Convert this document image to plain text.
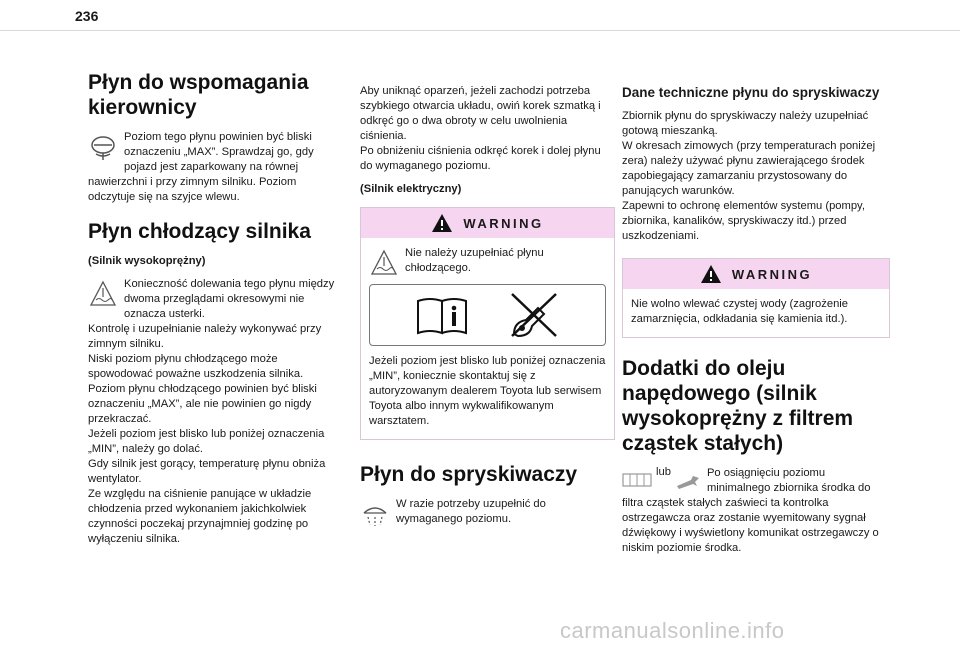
236
Płyn do wspomagania kierownicy

Poziom tego płynu powinien być bliski oznaczeniu „MAX”. Sprawdzaj go, gdy pojazd jest zaparkowany na równej nawierzchni i przy zimnym silniku. Poziom odczytuje się na szyjce wlewu.

Płyn chłodzący silnika
(Silnik wysokoprężny)

Konieczność dolewania tego płynu między dwoma przeglądami okresowymi nie oznacza usterki.
Kontrolę i uzupełnianie należy wykonywać przy zimnym silniku.
Niski poziom płynu chłodzącego może spowodować poważne uszkodzenia silnika.
Poziom płynu chłodzącego powinien być bliski oznaczeniu „MAX”, ale nie powinien go nigdy przekraczać.
Jeżeli poziom jest blisko lub poniżej oznaczenia „MIN”, należy go dolać.
Gdy silnik jest gorący, temperaturę płynu obniża wentylator.
Ze względu na ciśnienie panujące w układzie chłodzenia przed wykonaniem jakichkolwiek czynności poczekaj przynajmniej godzinę po wyłączeniu silnika.

Aby uniknąć oparzeń, jeżeli zachodzi potrzeba szybkiego otwarcia układu, owiń korek szmatką i odkręć go o dwa obroty w celu uwolnienia ciśnienia.
Po obniżeniu ciśnienia odkręć korek i dolej płynu do wymaganego poziomu.

(Silnik elektryczny)
WARNING

Nie należy uzupełniać płynu chłodzącego.

Jeżeli poziom jest blisko lub poniżej oznaczenia „MIN”, koniecznie skontaktuj się z autoryzowanym dealerem Toyota lub serwisem Toyota albo innym wykwalifikowanym warsztatem.

Płyn do spryskiwaczy

W razie potrzeby uzupełnić do wymaganego poziomu.

Dane techniczne płynu do spryskiwaczy

Zbiornik płynu do spryskiwaczy należy uzupełniać gotową mieszanką.
W okresach zimowych (przy temperaturach poniżej zera) należy używać płynu zawierającego środek zapobiegający zamarzaniu przystosowany do panujących warunków.
Zapewni to ochronę elementów systemu (pompy, zbiornika, kanalików, spryskiwaczy itd.) przed uszkodzeniami.

WARNING

Nie wolno wlewać czystej wody (zagrożenie zamarznięcia, odkładania się kamienia itd.).

Dodatki do oleju napędowego (silnik wysokoprężny z filtrem cząstek stałych)
lub	Po osiągnięciu poziomu minimalnego zbiornika środka do filtra cząstek stałych zaświeci ta kontrolka ostrzegawcza oraz zostanie wyemitowany sygnał dźwiękowy i wyświetlony komunikat ostrzegawczy o niskim poziomie środka.

carmanualsonline.info
